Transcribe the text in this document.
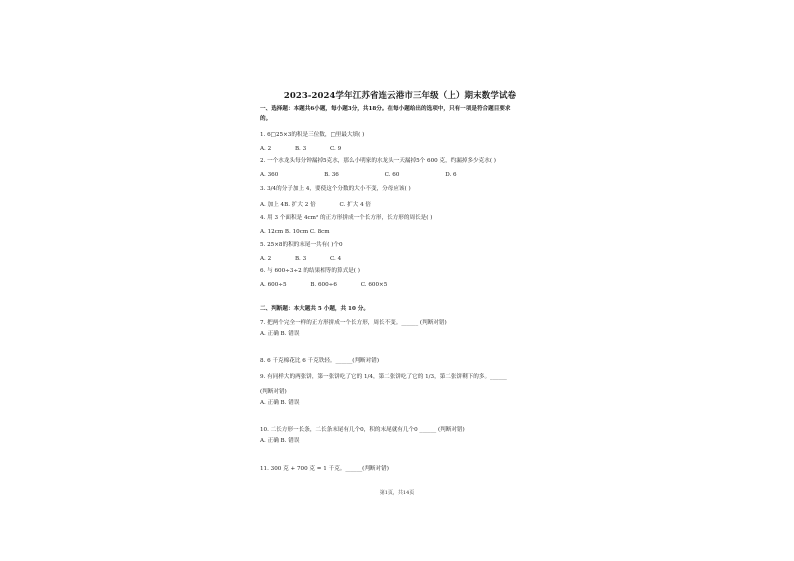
2023-2024学年江苏省连云港市三年级（上）期末数学试卷
一、选择题：本题共6小题，每小题3分，共18分。在每小题给出的选项中，只有一项是符合题目要求
的。
1. 6□25×3的积是三位数，□里最大填( )
A. 2	B. 3	C. 9
2. 一个水龙头每分钟漏掉5克水，那么小明家的水龙头一天漏掉5个 600 克，约漏掉多少克水( )
A. 360	B. 36	C. 60	D. 6
3. 3/4的分子加上 4，要使这个分数的大小不变，分母应该( )
A. 加上 4B. 扩大 2 倍	C. 扩大 4 倍
4. 用 3 个面积是 4cm² 的正方形拼成一个长方形，长方形的周长是( )
A. 12cm B. 10cm C. 8cm
5. 25×8的积的末尾一共有( )个0
A. 2	B. 3	C. 4
6. 与 600÷3÷2 的结果相等的算式是( )
A. 600÷5	B. 600÷6	C. 600×5
二、判断题：本大题共 5 小题，共 10 分。
7. 把两个完全一样的正方形拼成一个长方形，周长不变。______ (判断对错)
A. 正确 B. 错误
8. 6 千克棉花比 6 千克铁轻。______(判断对错)
9. 有同样大的两张饼，第一张饼吃了它的 1/4，第二张饼吃了它的 1/3，第二张饼剩下的多。______
(判断对错)
A. 正确 B. 错误
10. 二长方形一长条，二长条末尾有几个0，积的末尾就有几个0 ______ (判断对错)
A. 正确 B. 错误
11. 300 克 + 700 克 = 1 千克。______(判断对错)
第1页，共14页
